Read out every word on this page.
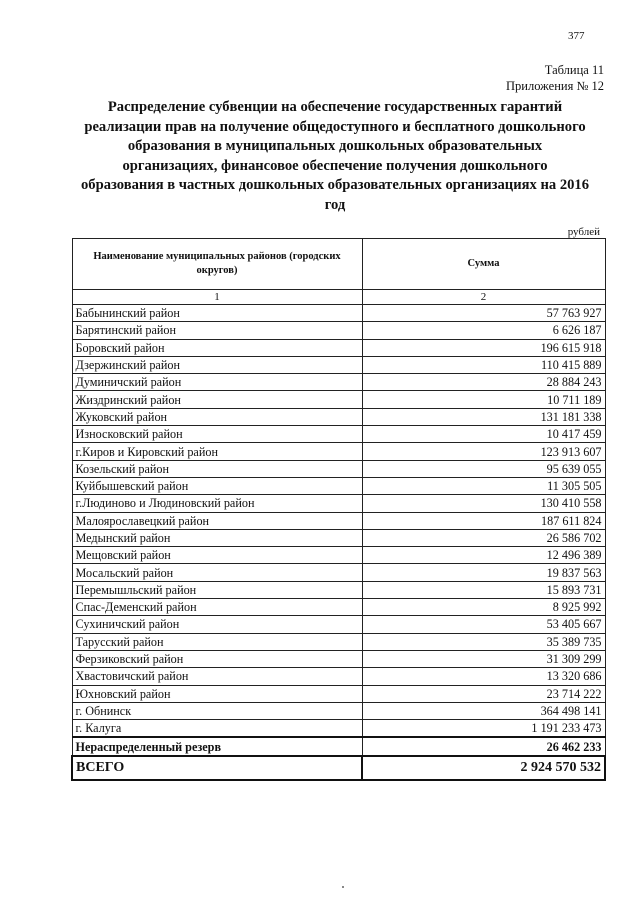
377
Таблица 11
Приложения № 12
Распределение субвенции на обеспечение государственных гарантий реализации прав на получение общедоступного и бесплатного дошкольного образования в муниципальных дошкольных образовательных организациях, финансовое обеспечение получения дошкольного образования в частных дошкольных образовательных организациях на 2016 год
рублей
Наименование муниципальных районов (городских округов)	Сумма
1	2
Бабынинский район	57 763 927
Барятинский район	6 626 187
Боровский район	196 615 918
Дзержинский район	110 415 889
Думиничский район	28 884 243
Жиздринский район	10 711 189
Жуковский район	131 181 338
Износковский район	10 417 459
г.Киров и Кировский район	123 913 607
Козельский район	95 639 055
Куйбышевский район	11 305 505
г.Людиново и Людиновский район	130 410 558
Малоярославецкий район	187 611 824
Медынский район	26 586 702
Мещовский район	12 496 389
Мосальский район	19 837 563
Перемышльский район	15 893 731
Спас-Деменский район	8 925 992
Сухиничский район	53 405 667
Тарусский район	35 389 735
Ферзиковский район	31 309 299
Хвастовичский район	13 320 686
Юхновский район	23 714 222
г. Обнинск	364 498 141
г. Калуга	1 191 233 473
Нераспределенный резерв	26 462 233
ВСЕГО	2 924 570 532
